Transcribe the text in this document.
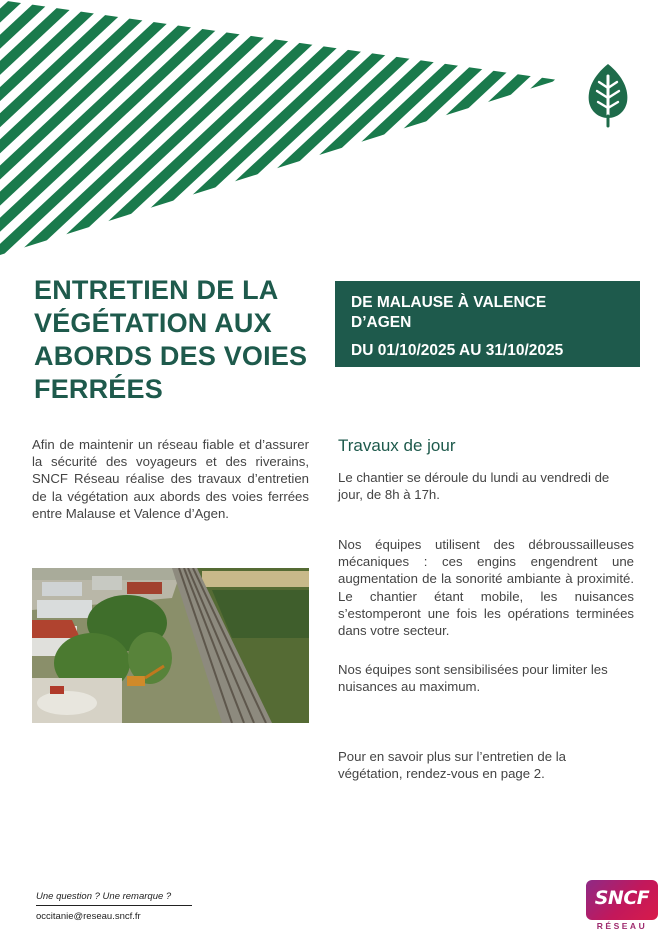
ENTRETIEN DE LA
VÉGÉTATION AUX
ABORDS DES VOIES
FERRÉES
DE MALAUSE À VALENCE D’AGEN
DU 01/10/2025 AU 31/10/2025

Afin de maintenir un réseau fiable et d’assurer la sécurité des voyageurs et des riverains, SNCF Réseau réalise des travaux d’entretien de la végétation aux abords des voies ferrées entre Malause et Valence d’Agen.

Travaux de jour

Le chantier se déroule du lundi au vendredi de jour, de 8h à 17h.

Nos équipes utilisent des débroussailleuses mécaniques : ces engins engendrent une augmentation de la sonorité ambiante à proximité. Le chantier étant mobile, les nuisances s’estomperont une fois les opérations terminées dans votre secteur.

Nos équipes sont sensibilisées pour limiter les nuisances au maximum.

Pour en savoir plus sur l’entretien de la végétation, rendez-vous en page 2.

Une question ? Une remarque ?
occitanie@reseau.sncf.fr
SNCF
RÉSEAU
